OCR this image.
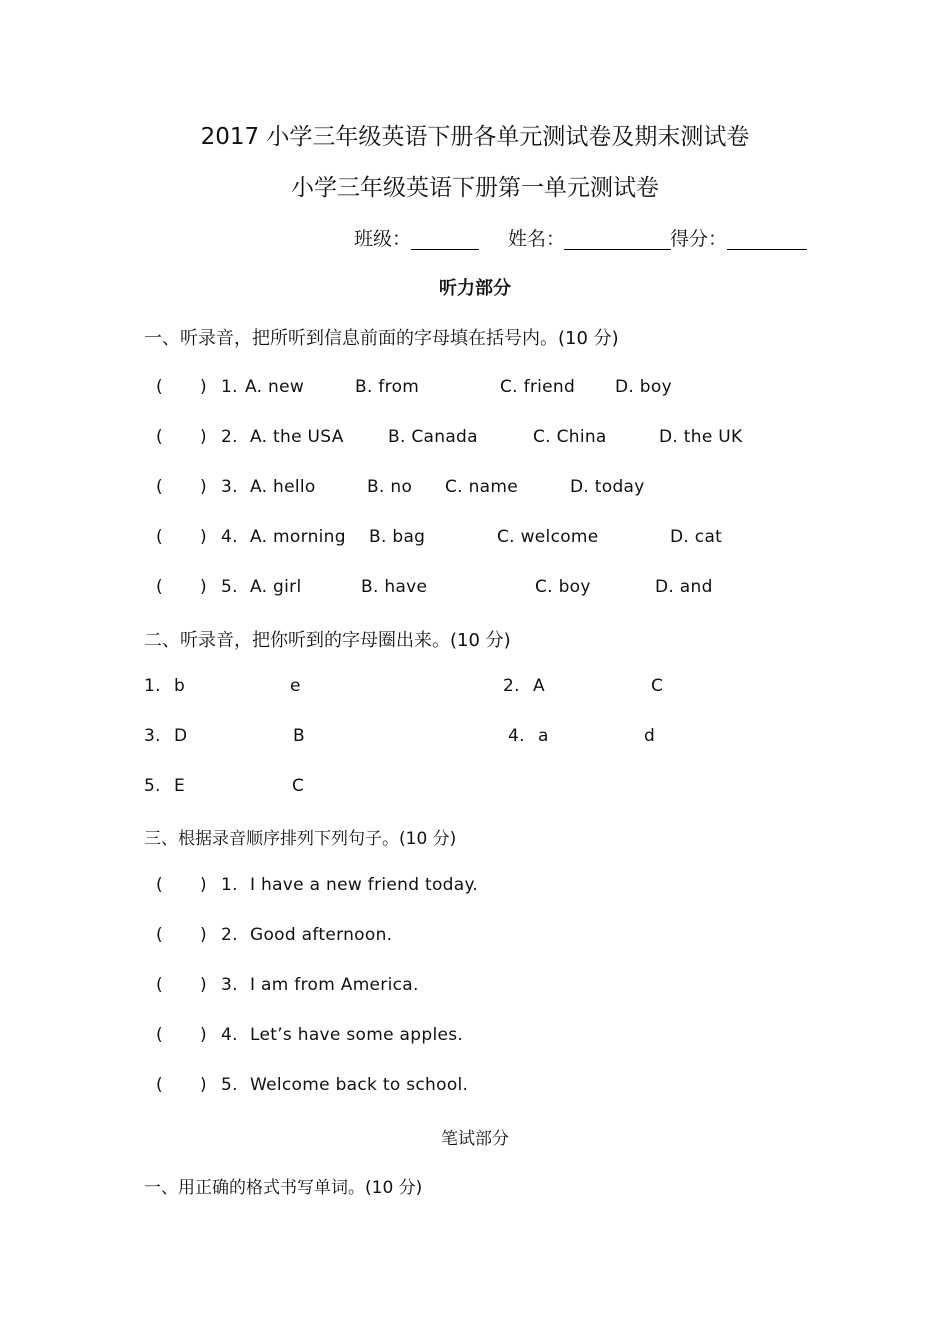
2017 小学三年级英语下册各单元测试卷及期末测试卷
小学三年级英语下册第一单元测试卷
班级：	姓名：	得分：
听力部分
一、听录音，把所听到信息前面的字母填在括号内。(10 分)
( ) 1. A. new	B. from	C. friend D. boy
( ) 2. A. the USA	B. Canada	C. China	D. the UK
( ) 3. A. hello	B. no C. name	D. today
( ) 4. A. morning B. bag	C. welcome	D. cat
( ) 5. A. girl	B. have	C. boy	D. and
二、听录音，把你听到的字母圈出来。(10 分)
1. b	e	2. A	C
3. D	B	4. a	d
5. E	C
三、根据录音顺序排列下列句子。(10 分)
( ) 1. I have a new friend today.
( ) 2. Good afternoon.
( ) 3. I am from America.
( ) 4. Let’s have some apples.
( ) 5. Welcome back to school.
笔试部分
一、用正确的格式书写单词。(10 分)
